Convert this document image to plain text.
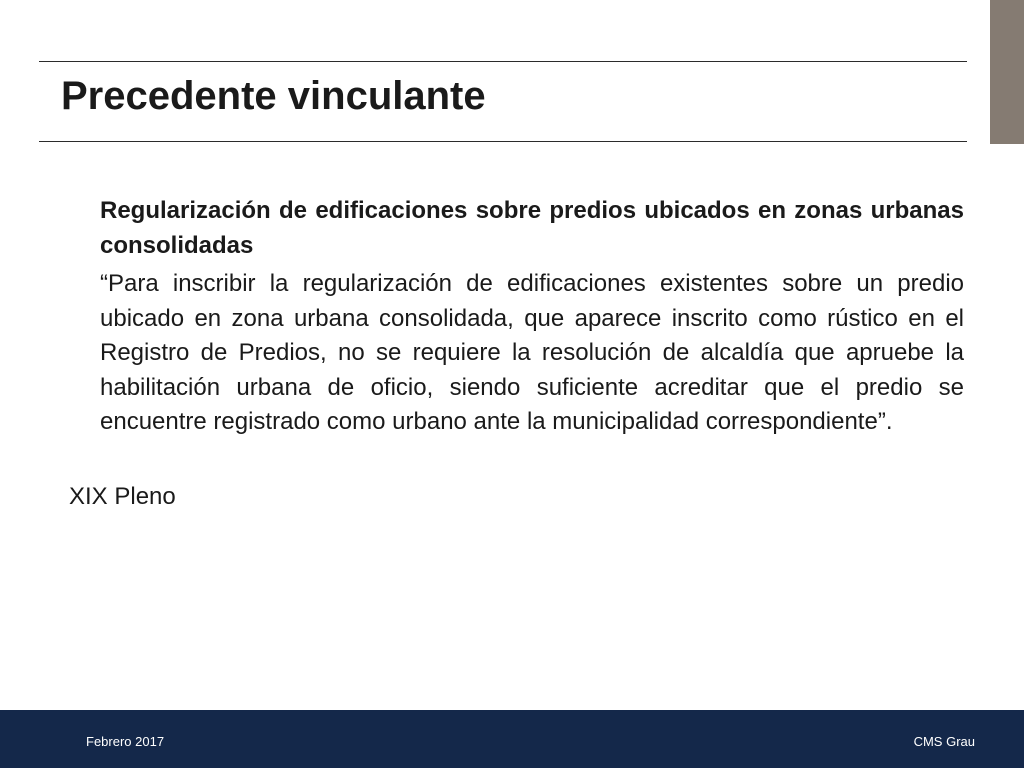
Precedente vinculante

Regularización de edificaciones sobre predios ubicados en zonas urbanas consolidadas

“Para inscribir la regularización de edificaciones existentes sobre un predio ubicado en zona urbana consolidada, que aparece inscrito como rústico en el Registro de Predios, no se requiere la resolución de alcaldía que apruebe la habilitación urbana de oficio, siendo suficiente acreditar que el predio se encuentre registrado como urbano ante la municipalidad correspondiente”.

XIX Pleno

Febrero 2017	CMS Grau
